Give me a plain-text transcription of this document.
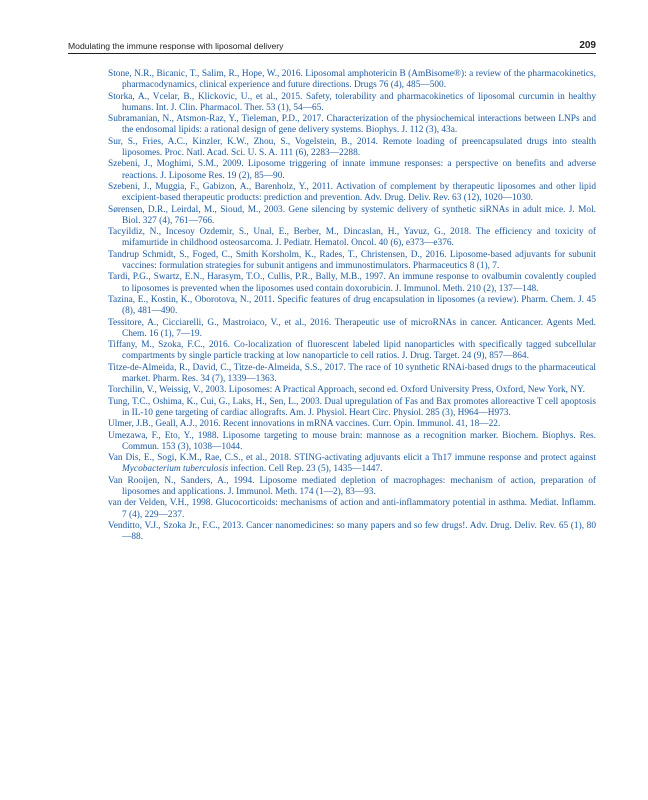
Modulating the immune response with liposomal delivery	209

Stone, N.R., Bicanic, T., Salim, R., Hope, W., 2016. Liposomal amphotericin B (AmBisome®): a review of the pharmacokinetics, pharmacodynamics, clinical experience and future directions. Drugs 76 (4), 485—500.

Storka, A., Vcelar, B., Klickovic, U., et al., 2015. Safety, tolerability and pharmacokinetics of liposomal curcumin in healthy humans. Int. J. Clin. Pharmacol. Ther. 53 (1), 54—65.

Subramanian, N., Atsmon-Raz, Y., Tieleman, P.D., 2017. Characterization of the physiochemical interactions between LNPs and the endosomal lipids: a rational design of gene delivery systems. Biophys. J. 112 (3), 43a.

Sur, S., Fries, A.C., Kinzler, K.W., Zhou, S., Vogelstein, B., 2014. Remote loading of preencapsulated drugs into stealth liposomes. Proc. Natl. Acad. Sci. U. S. A. 111 (6), 2283—2288.

Szebeni, J., Moghimi, S.M., 2009. Liposome triggering of innate immune responses: a perspective on benefits and adverse reactions. J. Liposome Res. 19 (2), 85—90.

Szebeni, J., Muggia, F., Gabizon, A., Barenholz, Y., 2011. Activation of complement by therapeutic liposomes and other lipid excipient-based therapeutic products: prediction and prevention. Adv. Drug. Deliv. Rev. 63 (12), 1020—1030.

Sørensen, D.R., Leirdal, M., Sioud, M., 2003. Gene silencing by systemic delivery of synthetic siRNAs in adult mice. J. Mol. Biol. 327 (4), 761—766.

Tacyildiz, N., Incesoy Ozdemir, S., Unal, E., Berber, M., Dincaslan, H., Yavuz, G., 2018. The efficiency and toxicity of mifamurtide in childhood osteosarcoma. J. Pediatr. Hematol. Oncol. 40 (6), e373—e376.

Tandrup Schmidt, S., Foged, C., Smith Korsholm, K., Rades, T., Christensen, D., 2016. Liposome-based adjuvants for subunit vaccines: formulation strategies for subunit antigens and immunostimulators. Pharmaceutics 8 (1), 7.

Tardi, P.G., Swartz, E.N., Harasym, T.O., Cullis, P.R., Bally, M.B., 1997. An immune response to ovalbumin covalently coupled to liposomes is prevented when the liposomes used contain doxorubicin. J. Immunol. Meth. 210 (2), 137—148.

Tazina, E., Kostin, K., Oborotova, N., 2011. Specific features of drug encapsulation in liposomes (a review). Pharm. Chem. J. 45 (8), 481—490.

Tessitore, A., Cicciarelli, G., Mastroiaco, V., et al., 2016. Therapeutic use of microRNAs in cancer. Anticancer. Agents Med. Chem. 16 (1), 7—19.

Tiffany, M., Szoka, F.C., 2016. Co-localization of fluorescent labeled lipid nanoparticles with specifically tagged subcellular compartments by single particle tracking at low nanoparticle to cell ratios. J. Drug. Target. 24 (9), 857—864.

Titze-de-Almeida, R., David, C., Titze-de-Almeida, S.S., 2017. The race of 10 synthetic RNAi-based drugs to the pharmaceutical market. Pharm. Res. 34 (7), 1339—1363.

Torchilin, V., Weissig, V., 2003. Liposomes: A Practical Approach, second ed. Oxford University Press, Oxford, New York, NY.

Tung, T.C., Oshima, K., Cui, G., Laks, H., Sen, L., 2003. Dual upregulation of Fas and Bax promotes alloreactive T cell apoptosis in IL-10 gene targeting of cardiac allografts. Am. J. Physiol. Heart Circ. Physiol. 285 (3), H964—H973.

Ulmer, J.B., Geall, A.J., 2016. Recent innovations in mRNA vaccines. Curr. Opin. Immunol. 41, 18—22.

Umezawa, F., Eto, Y., 1988. Liposome targeting to mouse brain: mannose as a recognition marker. Biochem. Biophys. Res. Commun. 153 (3), 1038—1044.

Van Dis, E., Sogi, K.M., Rae, C.S., et al., 2018. STING-activating adjuvants elicit a Th17 immune response and protect against Mycobacterium tuberculosis infection. Cell Rep. 23 (5), 1435—1447.

Van Rooijen, N., Sanders, A., 1994. Liposome mediated depletion of macrophages: mechanism of action, preparation of liposomes and applications. J. Immunol. Meth. 174 (1—2), 83—93.

van der Velden, V.H., 1998. Glucocorticoids: mechanisms of action and anti-inflammatory potential in asthma. Mediat. Inflamm. 7 (4), 229—237.

Venditto, V.J., Szoka Jr., F.C., 2013. Cancer nanomedicines: so many papers and so few drugs!. Adv. Drug. Deliv. Rev. 65 (1), 80—88.
